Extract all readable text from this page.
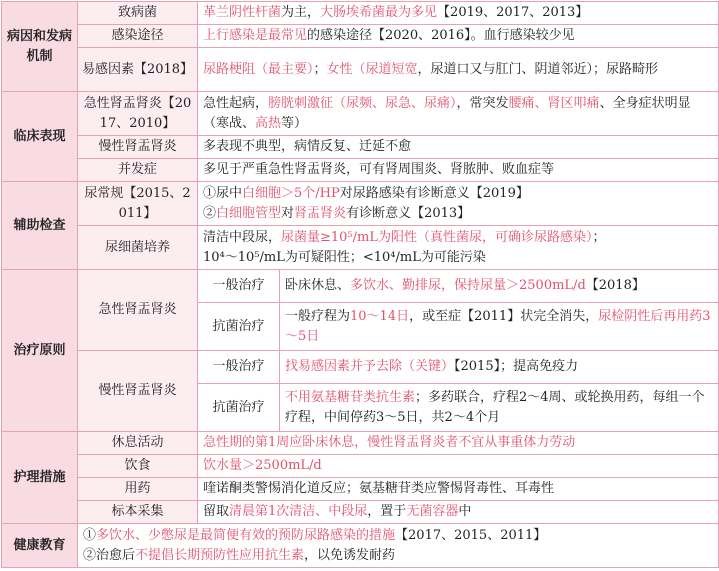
病因和发病机制	致病菌	革兰阴性杆菌为主，大肠埃希菌最为多见【2019、2017、2013】	
	感染途径	上行感染是最常见的感染途径【2020、2016】。血行感染较少见	
	易感因素【2018】	尿路梗阻（最主要）；女性（尿道短宽，尿道口又与肛门、阴道邻近）；尿路畸形	
临床表现	急性肾盂肾炎【2017、2010】	急性起病，膀胱刺激征（尿频、尿急、尿痛），常突发腰痛、肾区叩痛、全身症状明显（寒战、高热等）	
	慢性肾盂肾炎	多表现不典型，病情反复、迁延不愈	
	并发症	多见于严重急性肾盂肾炎，可有肾周围炎、肾脓肿、败血症等	
辅助检查	尿常规【2015、2011】	①尿中白细胞＞5个/HP对尿路感染有诊断意义【2019】
②白细胞管型对肾盂肾炎有诊断意义【2013】	
	尿细菌培养	清洁中段尿，尿菌量≥10⁵/mL为阳性（真性菌尿，可确诊尿路感染）；
10⁴～10⁵/mL为可疑阳性；<10⁴/mL为可能污染	
治疗原则	急性肾盂肾炎	一般治疗	卧床休息、多饮水、勤排尿，保持尿量＞2500mL/d【2018】
		抗菌治疗	一般疗程为10～14日，或至症【2011】状完全消失，尿检阴性后再用药3～5日
	慢性肾盂肾炎	一般治疗	找易感因素并予去除（关键）【2015】；提高免疫力
		抗菌治疗	不用氨基糖苷类抗生素；多药联合，疗程2～4周、或轮换用药，每组一个疗程，中间停药3～5日，共2～4个月
护理措施	休息活动	急性期的第1周应卧床休息，慢性肾盂肾炎者不宜从事重体力劳动	
	饮食	饮水量＞2500mL/d	
	用药	喹诺酮类警惕消化道反应；氨基糖苷类应警惕肾毒性、耳毒性	
	标本采集	留取清晨第1次清洁、中段尿，置于无菌容器中	
健康教育	①多饮水、少憋尿是最简便有效的预防尿路感染的措施【2017、2015、2011】
②治愈后不提倡长期预防性应用抗生素，以免诱发耐药		
